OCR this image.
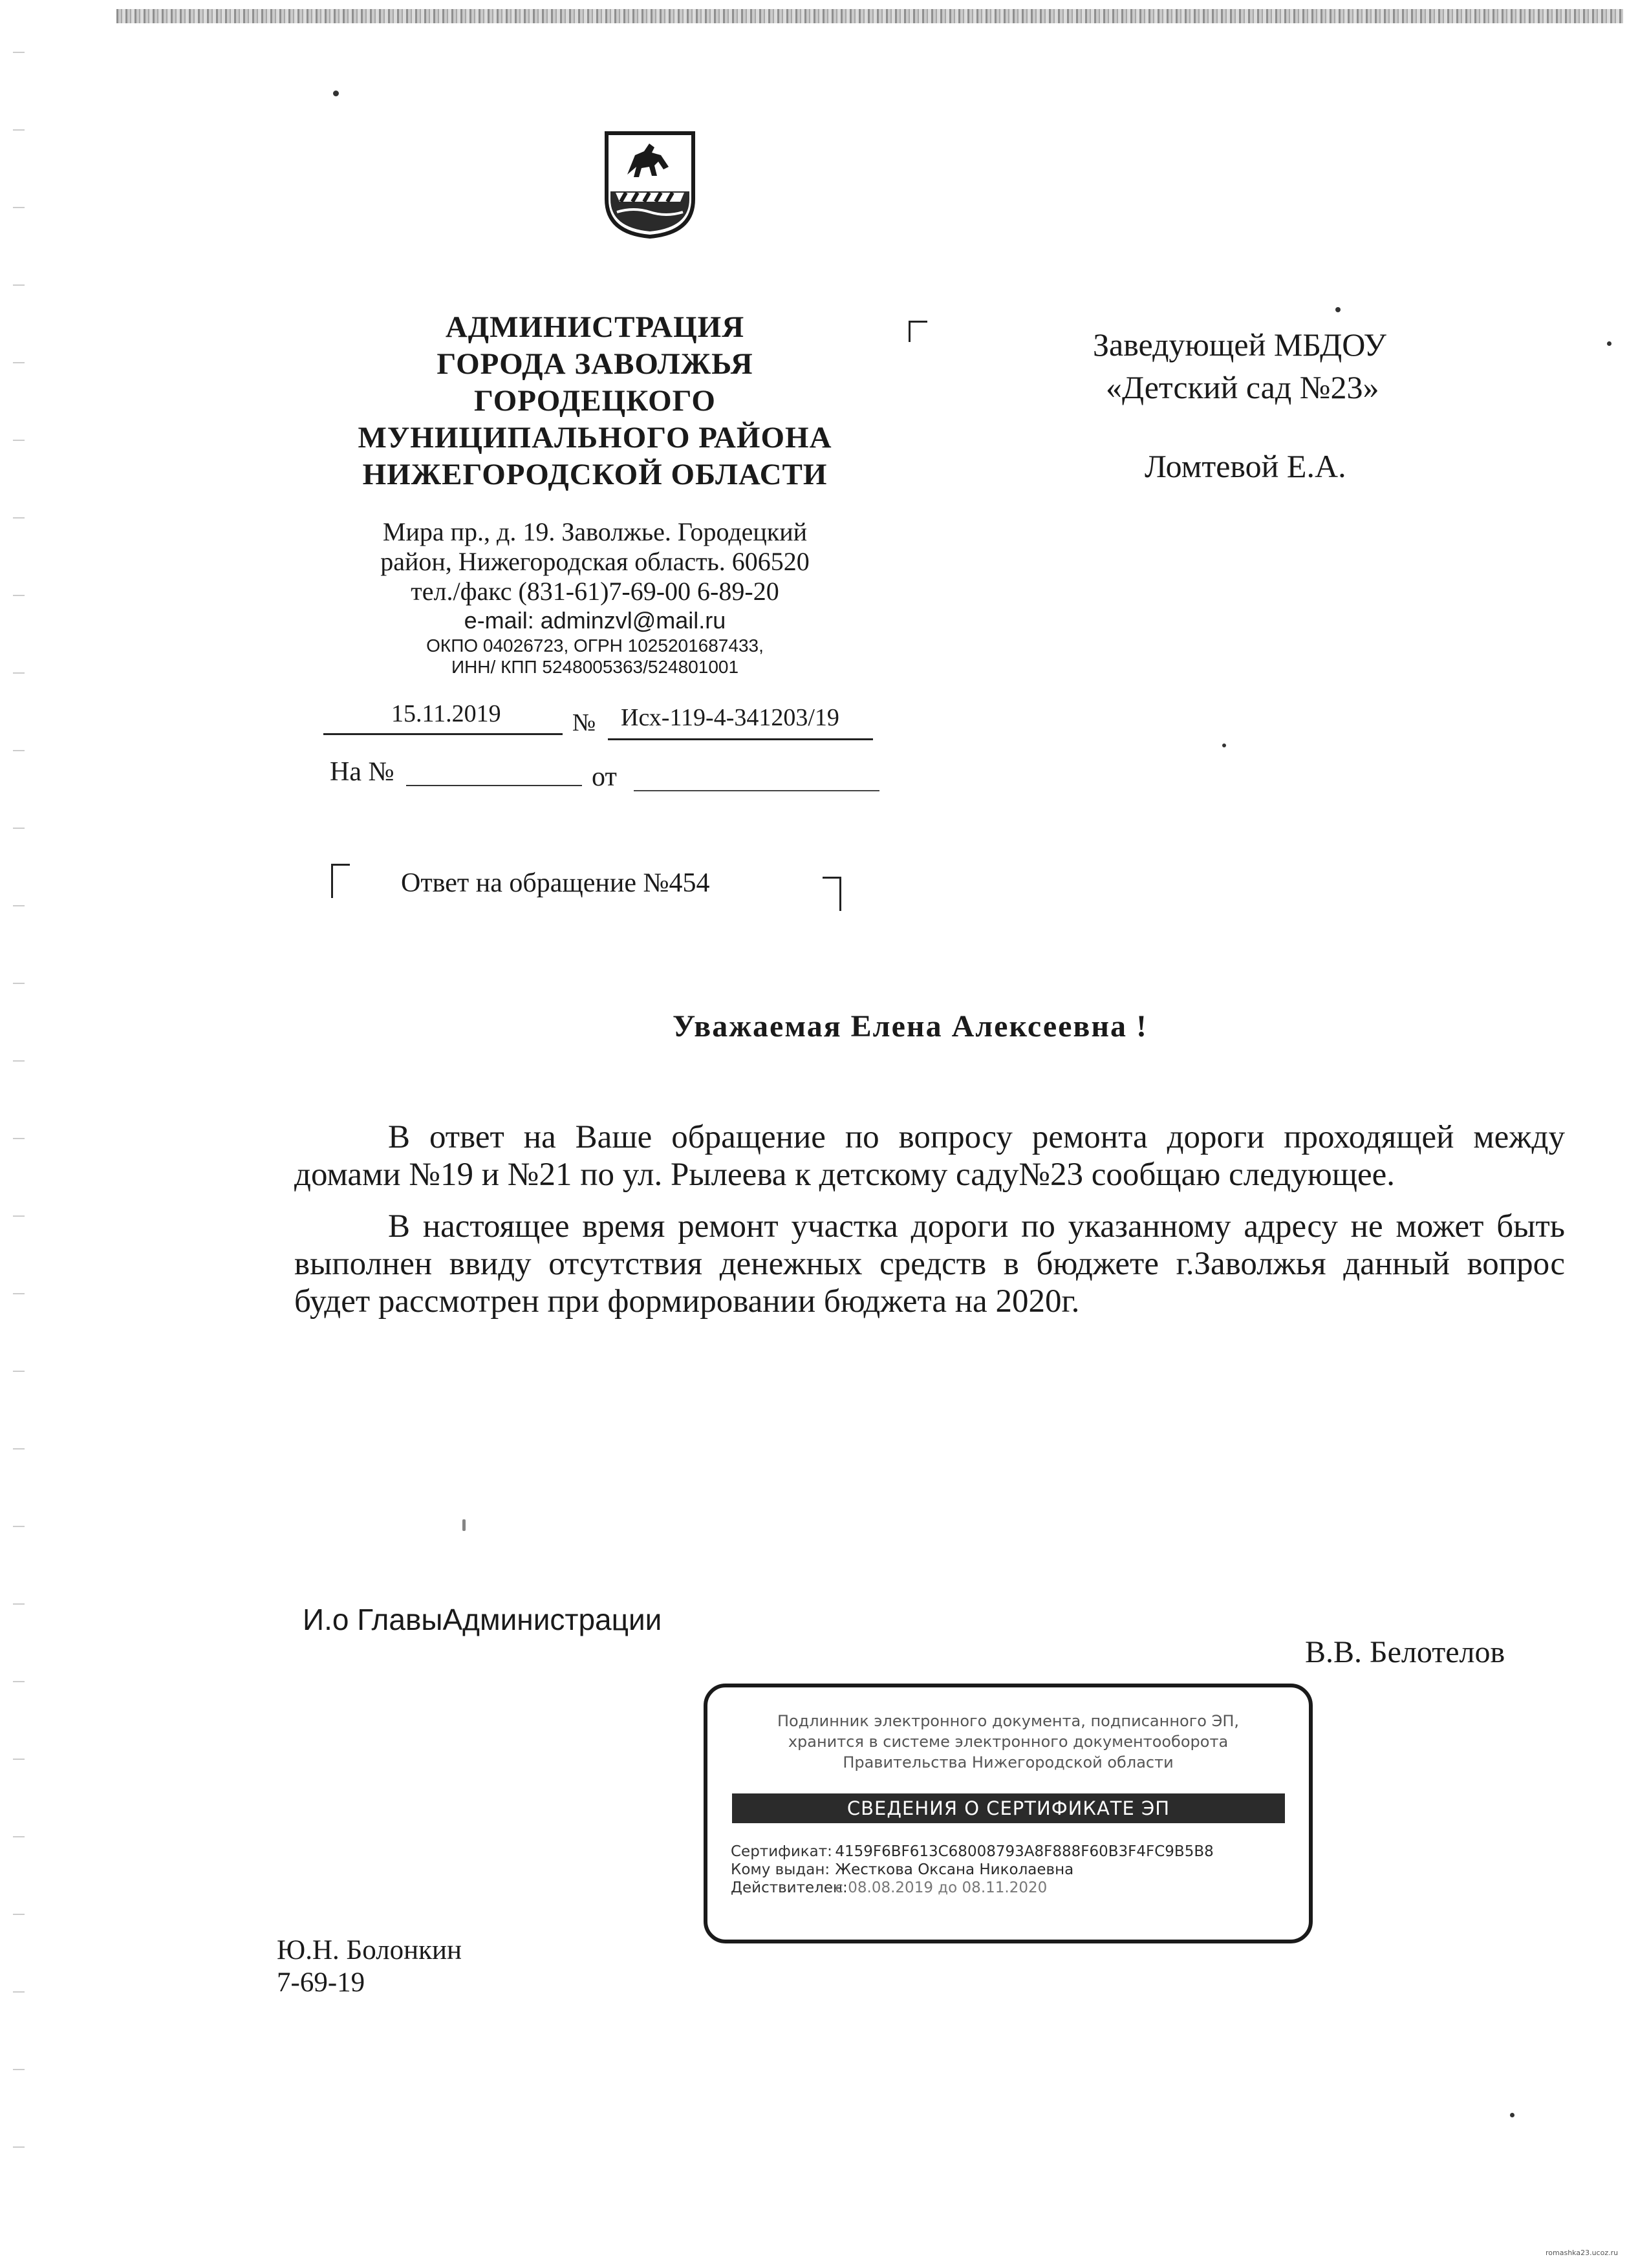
АДМИНИСТРАЦИЯ
ГОРОДА ЗАВОЛЖЬЯ
ГОРОДЕЦКОГО
МУНИЦИПАЛЬНОГО РАЙОНА
НИЖЕГОРОДСКОЙ ОБЛАСТИ
Мира пр., д. 19. Заволжье. Городецкий
район, Нижегородская область. 606520
тел./факс (831-61)7-69-00 6-89-20
e-mail: adminzvl@mail.ru
ОКПО 04026723, ОГРН 1025201687433,
ИНН/ КПП 5248005363/524801001
15.11.2019	№ Исх-119-4-341203/19
На №	от
Ответ на обращение №454
Заведующей МБДОУ
«Детский сад №23»
Ломтевой Е.А.
Уважаемая Елена Алексеевна !

В ответ на Ваше обращение по вопросу ремонта дороги проходящей между домами №19 и №21 по ул. Рылеева к детскому саду№23 сообщаю следующее.

В настоящее время ремонт участка дороги по указанному адресу не может быть выполнен ввиду отсутствия денежных средств в бюджете г.Заволжья данный вопрос будет рассмотрен при формировании бюджета на 2020г.

И.о ГлавыАдминистрации
В.В. Белотелов
Подлинник электронного документа, подписанного ЭП,
хранится в системе электронного документооборота
Правительства Нижегородской области
СВЕДЕНИЯ О СЕРТИФИКАТЕ ЭП
Сертификат: 4159F6BF613C68008793A8F888F60B3F4FC9B5B8
Кому выдан: Жесткова Оксана Николаевна
Действителен: с 08.08.2019 до 08.11.2020
Ю.Н. Болонкин
7-69-19
romashka23.ucoz.ru
